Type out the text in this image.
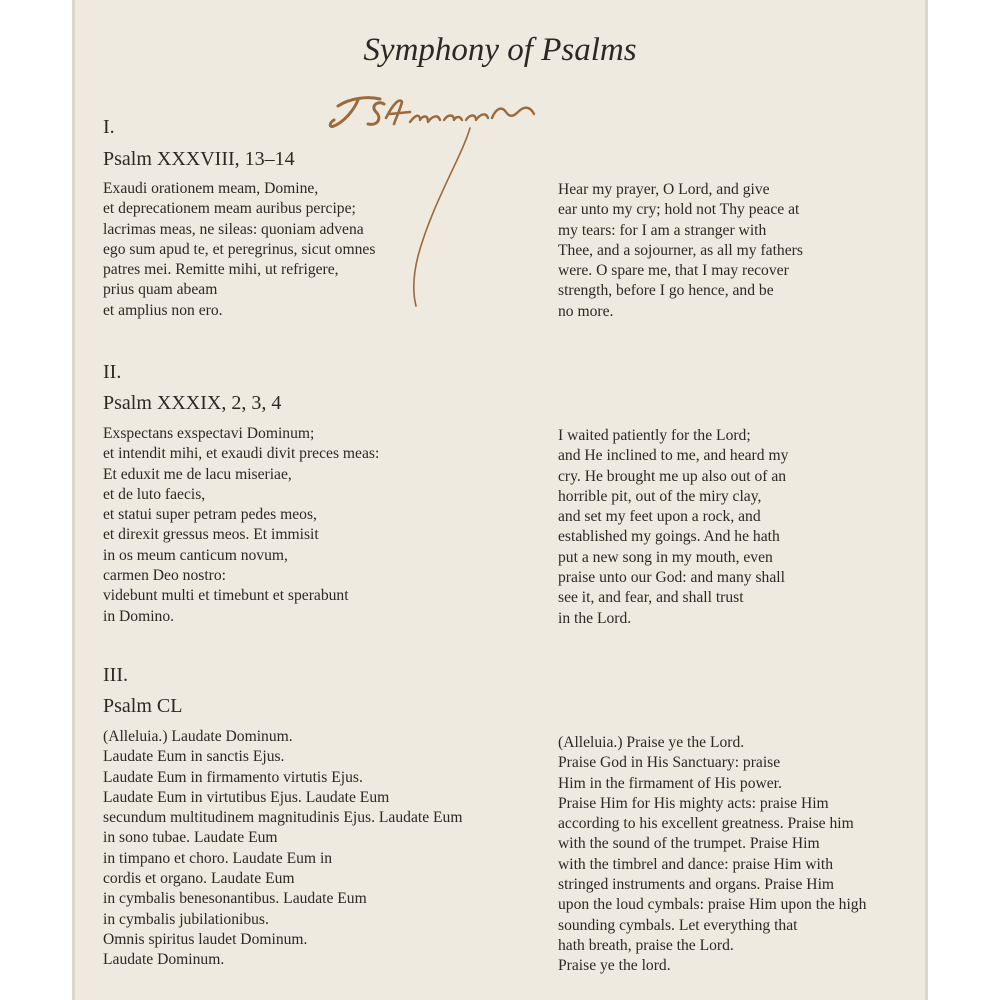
Symphony of Psalms
I.
Psalm XXXVIII, 13–14
Exaudi orationem meam, Domine,
et deprecationem meam auribus percipe;
lacrimas meas, ne sileas: quoniam advena
ego sum apud te, et peregrinus, sicut omnes
patres mei. Remitte mihi, ut refrigere,
prius quam abeam
et amplius non ero.
Hear my prayer, O Lord, and give
ear unto my cry; hold not Thy peace at
my tears: for I am a stranger with
Thee, and a sojourner, as all my fathers
were. O spare me, that I may recover
strength, before I go hence, and be
no more.
II.
Psalm XXXIX, 2, 3, 4
Exspectans exspectavi Dominum;
et intendit mihi, et exaudi divit preces meas:
Et eduxit me de lacu miseriae,
et de luto faecis,
et statui super petram pedes meos,
et direxit gressus meos. Et immisit
in os meum canticum novum,
carmen Deo nostro:
videbunt multi et timebunt et sperabunt
in Domino.
I waited patiently for the Lord;
and He inclined to me, and heard my
cry. He brought me up also out of an
horrible pit, out of the miry clay,
and set my feet upon a rock, and
established my goings. And he hath
put a new song in my mouth, even
praise unto our God: and many shall
see it, and fear, and shall trust
in the Lord.
III.
Psalm CL
(Alleluia.) Laudate Dominum.
Laudate Eum in sanctis Ejus.
Laudate Eum in firmamento virtutis Ejus.
Laudate Eum in virtutibus Ejus. Laudate Eum
secundum multitudinem magnitudinis Ejus. Laudate Eum
in sono tubae. Laudate Eum
in timpano et choro. Laudate Eum in
cordis et organo. Laudate Eum
in cymbalis benesonantibus. Laudate Eum
in cymbalis jubilationibus.
Omnis spiritus laudet Dominum.
Laudate Dominum.
(Alleluia.) Praise ye the Lord.
Praise God in His Sanctuary: praise
Him in the firmament of His power.
Praise Him for His mighty acts: praise Him
according to his excellent greatness. Praise him
with the sound of the trumpet. Praise Him
with the timbrel and dance: praise Him with
stringed instruments and organs. Praise Him
upon the loud cymbals: praise Him upon the high
sounding cymbals. Let everything that
hath breath, praise the Lord.
Praise ye the lord.
